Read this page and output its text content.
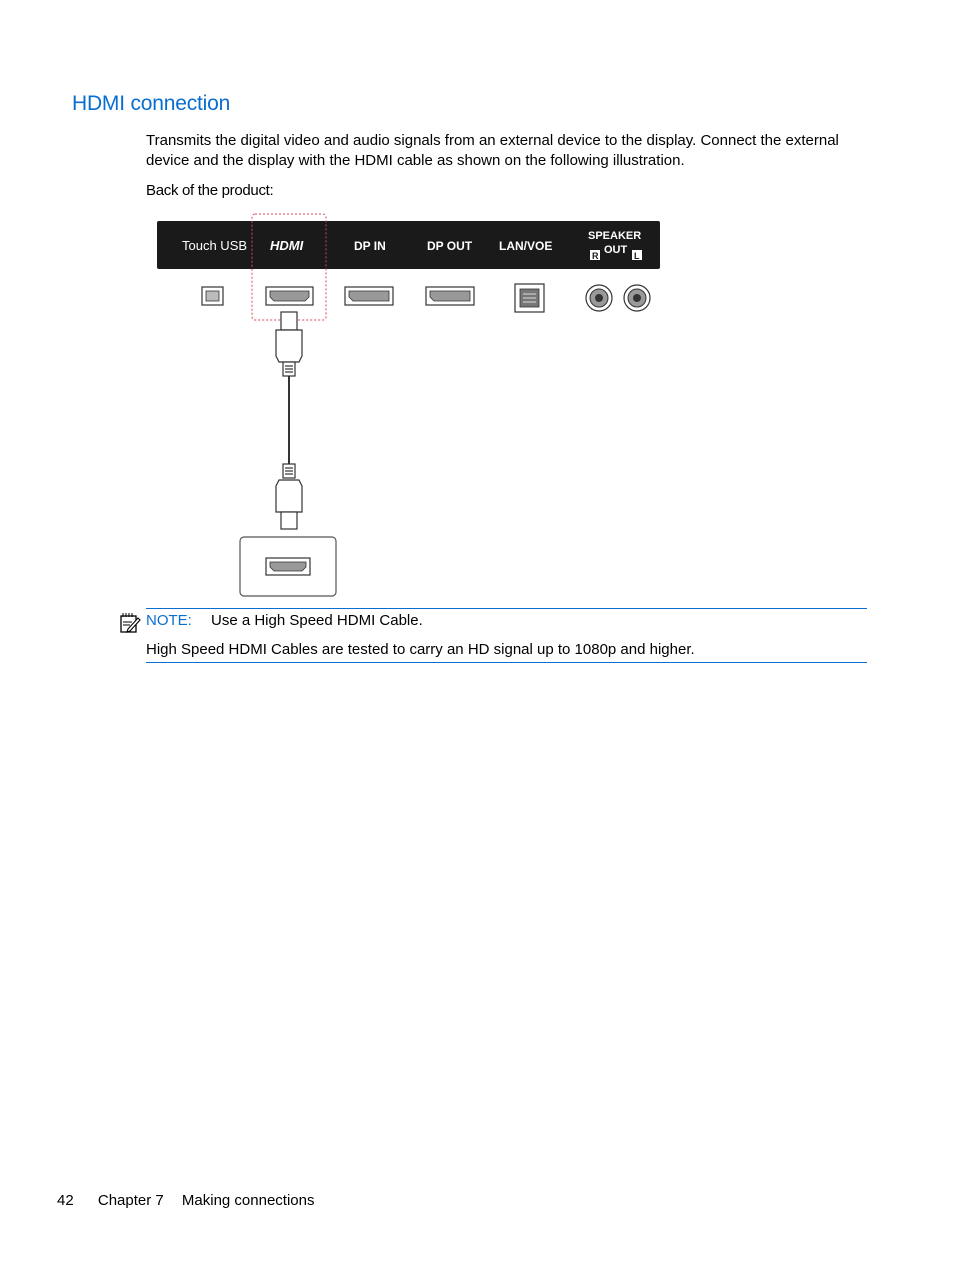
HDMI connection

Transmits the digital video and audio signals from an external device to the display. Connect the external device and the display with the HDMI cable as shown on the following illustration.

Back of the product:

Touch USB HDMI	DP IN	DP OUT LAN/VOE
SPEAKER
R OUT L
NOTE: Use a High Speed HDMI Cable.
High Speed HDMI Cables are tested to carry an HD signal up to 1080p and higher.
42 Chapter 7 Making connections
